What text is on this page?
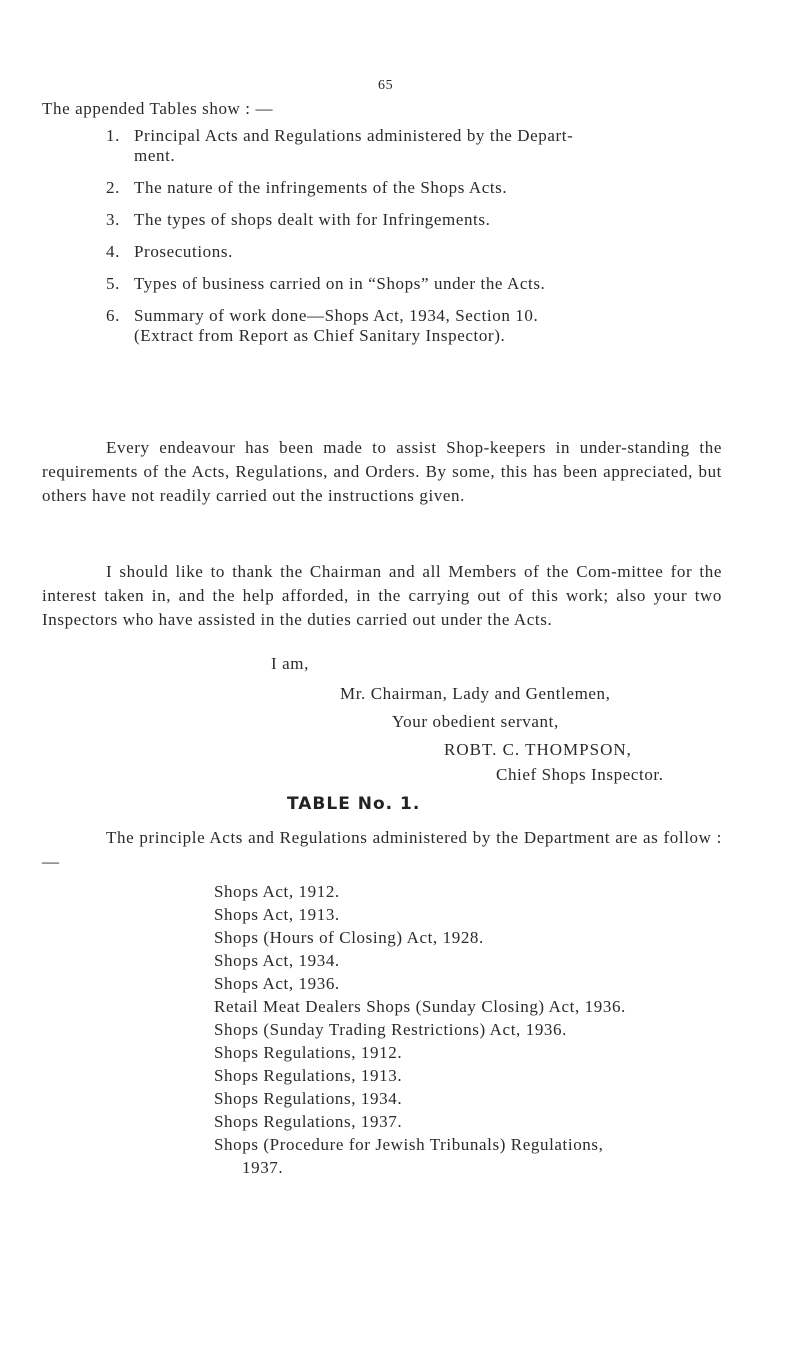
65
The appended Tables show : —
1. Principal Acts and Regulations administered by the Depart-
ment.
2. The nature of the infringements of the Shops Acts.
3. The types of shops dealt with for Infringements.
4. Prosecutions.
5. Types of business carried on in “Shops” under the Acts.
6. Summary of work done—Shops Act, 1934, Section 10.
(Extract from Report as Chief Sanitary Inspector).
Every endeavour has been made to assist Shop-keepers in under-standing the requirements of the Acts, Regulations, and Orders. By some, this has been appreciated, but others have not readily carried out the instructions given.
I should like to thank the Chairman and all Members of the Com-mittee for the interest taken in, and the help afforded, in the carrying out of this work; also your two Inspectors who have assisted in the duties carried out under the Acts.
I am,
Mr. Chairman, Lady and Gentlemen,
Your obedient servant,
ROBT. C. THOMPSON,
Chief Shops Inspector.
TABLE No. 1.
The principle Acts and Regulations administered by the Department are as follow : —
Shops Act, 1912.
Shops Act, 1913.
Shops (Hours of Closing) Act, 1928.
Shops Act, 1934.
Shops Act, 1936.
Retail Meat Dealers Shops (Sunday Closing) Act, 1936.
Shops (Sunday Trading Restrictions) Act, 1936.
Shops Regulations, 1912.
Shops Regulations, 1913.
Shops Regulations, 1934.
Shops Regulations, 1937.
Shops (Procedure for Jewish Tribunals) Regulations,
1937.
